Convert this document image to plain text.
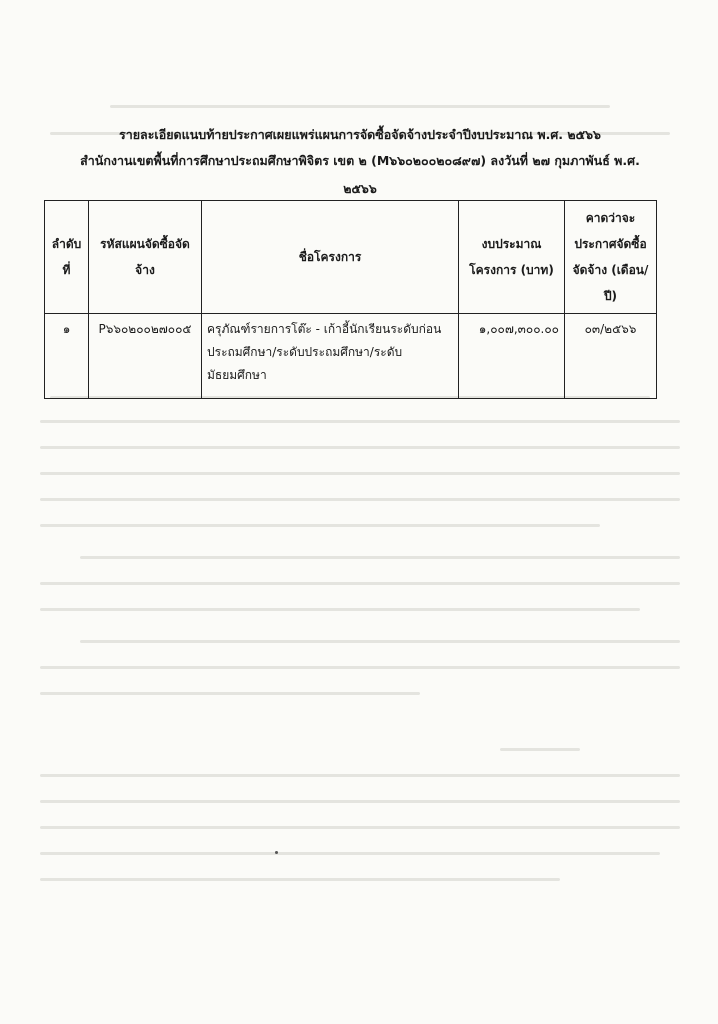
รายละเอียดแนบท้ายประกาศเผยแพร่แผนการจัดซื้อจัดจ้างประจำปีงบประมาณ พ.ศ. ๒๕๖๖
สำนักงานเขตพื้นที่การศึกษาประถมศึกษาพิจิตร เขต ๒ (M๖๖๐๒๐๐๒๐๘๙๗) ลงวันที่ ๒๗ กุมภาพันธ์ พ.ศ.
๒๕๖๖
ลำดับที่	รหัสแผนจัดซื้อจัดจ้าง	ชื่อโครงการ	งบประมาณโครงการ (บาท)	คาดว่าจะประกาศจัดซื้อจัดจ้าง (เดือน/ปี)
๑	P๖๖๐๒๐๐๒๗๐๐๕	ครุภัณฑ์รายการโต๊ะ - เก้าอี้นักเรียนระดับก่อนประถมศึกษา/ระดับประถมศึกษา/ระดับมัธยมศึกษา	๑,๐๐๗,๓๐๐.๐๐	๐๓/๒๕๖๖
